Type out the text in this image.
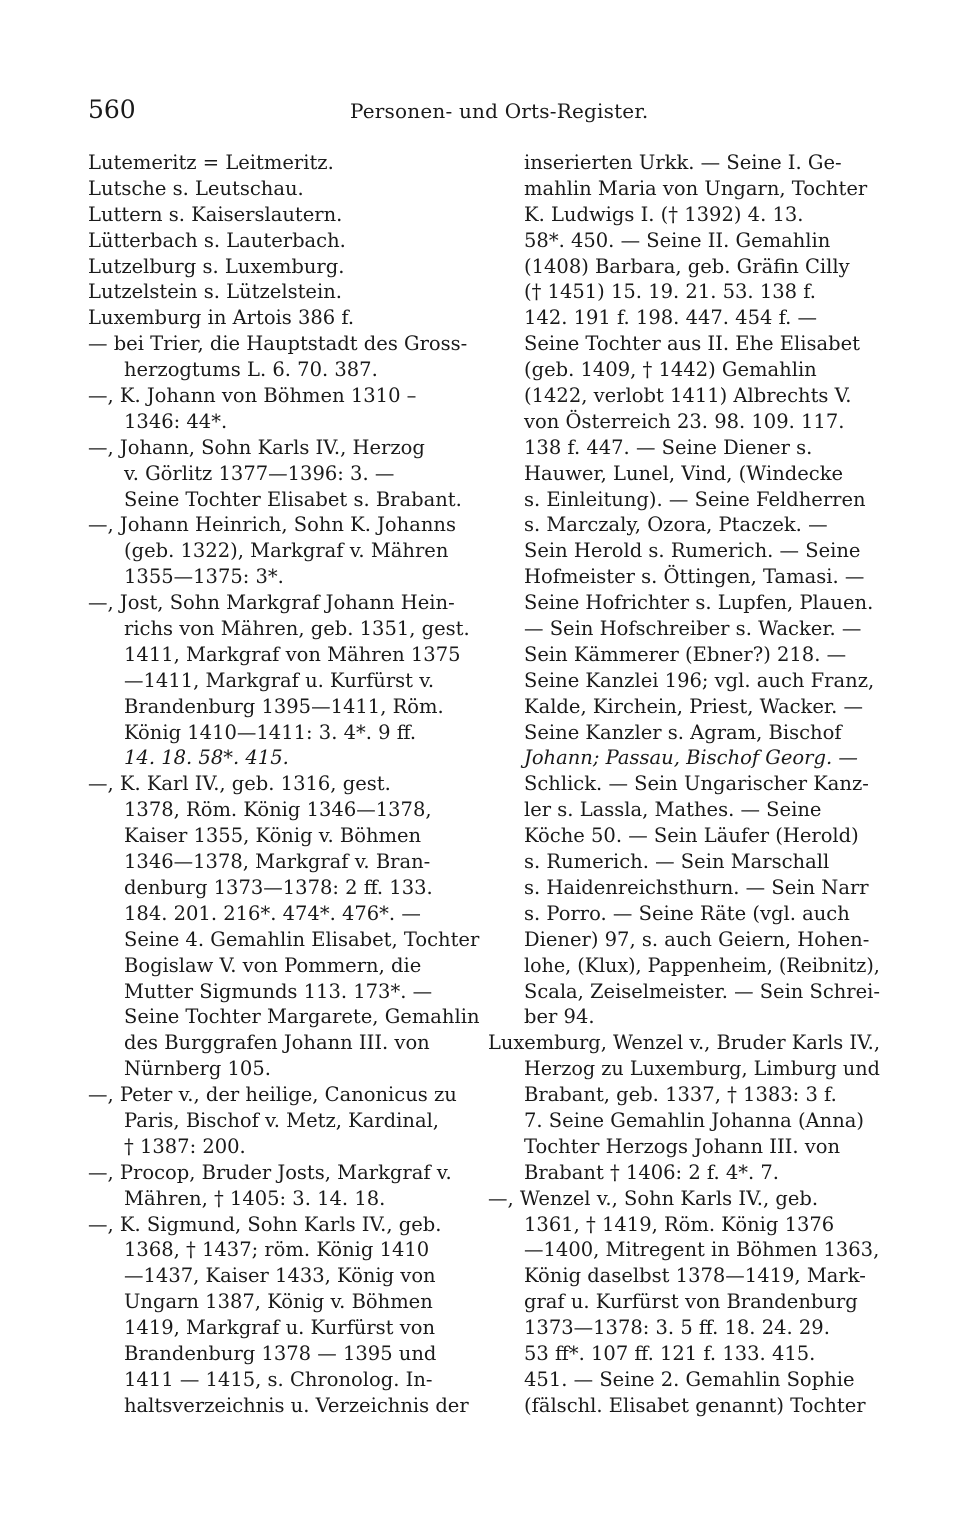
560	Personen- und Orts-Register.
Lutemeritz = Leitmeritz.
Lutsche s. Leutschau.
Luttern s. Kaiserslautern.
Lütterbach s. Lauterbach.
Lutzelburg s. Luxemburg.
Lutzelstein s. Lützelstein.
Luxemburg in Artois 386 f.
— bei Trier, die Hauptstadt des Gross-
herzogtums L. 6. 70. 387.
—, K. Johann von Böhmen 1310 –
1346: 44*.
—, Johann, Sohn Karls IV., Herzog
v. Görlitz 1377—1396: 3. —
Seine Tochter Elisabet s. Brabant.
—, Johann Heinrich, Sohn K. Johanns
(geb. 1322), Markgraf v. Mähren
1355—1375: 3*.
—, Jost, Sohn Markgraf Johann Hein-
richs von Mähren, geb. 1351, gest.
1411, Markgraf von Mähren 1375
—1411, Markgraf u. Kurfürst v.
Brandenburg 1395—1411, Röm.
König 1410—1411: 3. 4*. 9 ff.
14. 18. 58*. 415.
—, K. Karl IV., geb. 1316, gest.
1378, Röm. König 1346—1378,
Kaiser 1355, König v. Böhmen
1346—1378, Markgraf v. Bran-
denburg 1373—1378: 2 ff. 133.
184. 201. 216*. 474*. 476*. —
Seine 4. Gemahlin Elisabet, Tochter
Bogislaw V. von Pommern, die
Mutter Sigmunds 113. 173*. —
Seine Tochter Margarete, Gemahlin
des Burggrafen Johann III. von
Nürnberg 105.
—, Peter v., der heilige, Canonicus zu
Paris, Bischof v. Metz, Kardinal,
† 1387: 200.
—, Procop, Bruder Josts, Markgraf v.
Mähren, † 1405: 3. 14. 18.
—, K. Sigmund, Sohn Karls IV., geb.
1368, † 1437; röm. König 1410
—1437, Kaiser 1433, König von
Ungarn 1387, König v. Böhmen
1419, Markgraf u. Kurfürst von
Brandenburg 1378 — 1395 und
1411 — 1415, s. Chronolog. In-
haltsverzeichnis u. Verzeichnis der
inserierten Urkk. — Seine I. Ge-
mahlin Maria von Ungarn, Tochter
K. Ludwigs I. († 1392) 4. 13.
58*. 450. — Seine II. Gemahlin
(1408) Barbara, geb. Gräfin Cilly
(† 1451) 15. 19. 21. 53. 138 f.
142. 191 f. 198. 447. 454 f. —
Seine Tochter aus II. Ehe Elisabet
(geb. 1409, † 1442) Gemahlin
(1422, verlobt 1411) Albrechts V.
von Österreich 23. 98. 109. 117.
138 f. 447. — Seine Diener s.
Hauwer, Lunel, Vind, (Windecke
s. Einleitung). — Seine Feldherren
s. Marczaly, Ozora, Ptaczek. —
Sein Herold s. Rumerich. — Seine
Hofmeister s. Öttingen, Tamasi. —
Seine Hofrichter s. Lupfen, Plauen.
— Sein Hofschreiber s. Wacker. —
Sein Kämmerer (Ebner?) 218. —
Seine Kanzlei 196; vgl. auch Franz,
Kalde, Kirchein, Priest, Wacker. —
Seine Kanzler s. Agram, Bischof
Johann; Passau, Bischof Georg. —
Schlick. — Sein Ungarischer Kanz-
ler s. Lassla, Mathes. — Seine
Köche 50. — Sein Läufer (Herold)
s. Rumerich. — Sein Marschall
s. Haidenreichsthurn. — Sein Narr
s. Porro. — Seine Räte (vgl. auch
Diener) 97, s. auch Geiern, Hohen-
lohe, (Klux), Pappenheim, (Reibnitz),
Scala, Zeiselmeister. — Sein Schrei-
ber 94.
Luxemburg, Wenzel v., Bruder Karls IV.,
Herzog zu Luxemburg, Limburg und
Brabant, geb. 1337, † 1383: 3 f.
7. Seine Gemahlin Johanna (Anna)
Tochter Herzogs Johann III. von
Brabant † 1406: 2 f. 4*. 7.
—, Wenzel v., Sohn Karls IV., geb.
1361, † 1419, Röm. König 1376
—1400, Mitregent in Böhmen 1363,
König daselbst 1378—1419, Mark-
graf u. Kurfürst von Brandenburg
1373—1378: 3. 5 ff. 18. 24. 29.
53 ff*. 107 ff. 121 f. 133. 415.
451. — Seine 2. Gemahlin Sophie
(fälschl. Elisabet genannt) Tochter
